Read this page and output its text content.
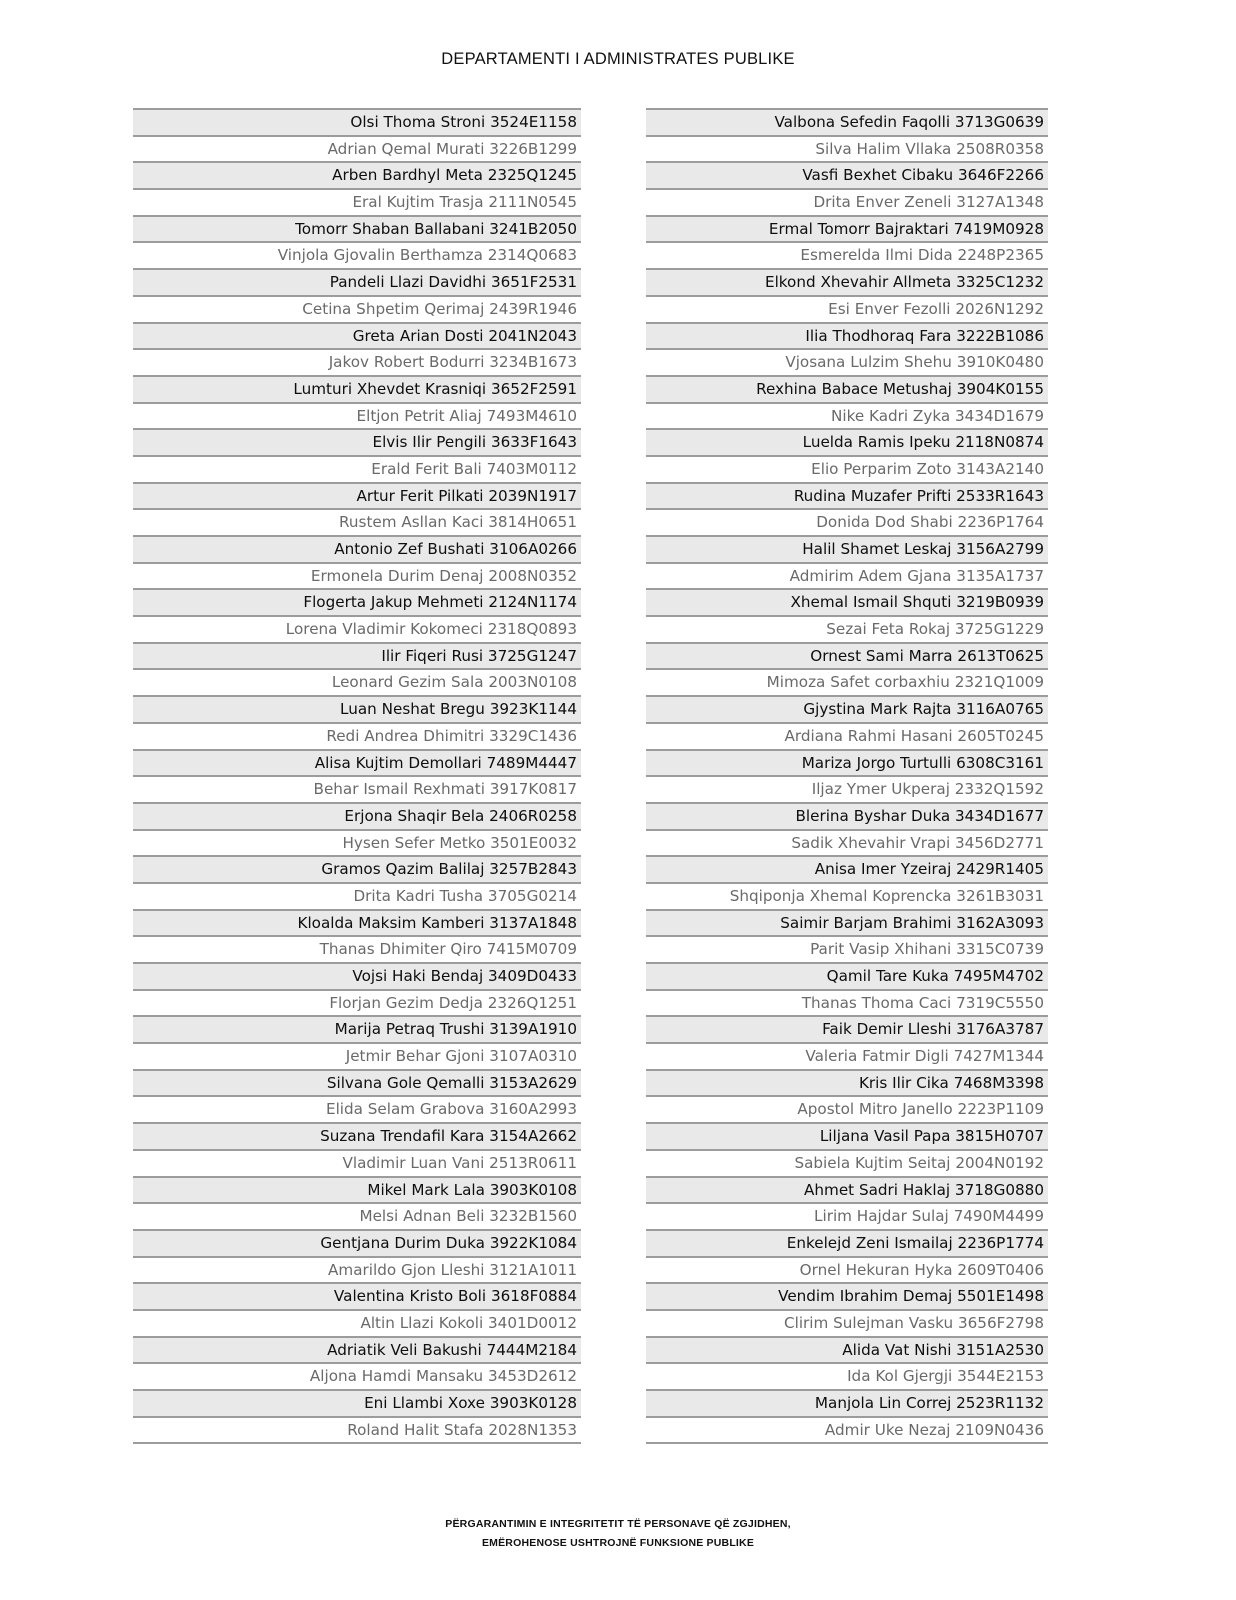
DEPARTAMENTI I ADMINISTRATES PUBLIKE
Olsi Thoma Stroni 3524E1158
Adrian Qemal Murati 3226B1299
Arben Bardhyl Meta 2325Q1245
Eral Kujtim Trasja 2111N0545
Tomorr Shaban Ballabani 3241B2050
Vinjola Gjovalin Berthamza 2314Q0683
Pandeli Llazi Davidhi 3651F2531
Cetina Shpetim Qerimaj 2439R1946
Greta Arian Dosti 2041N2043
Jakov Robert Bodurri 3234B1673
Lumturi Xhevdet Krasniqi 3652F2591
Eltjon Petrit Aliaj 7493M4610
Elvis Ilir Pengili 3633F1643
Erald Ferit Bali 7403M0112
Artur Ferit Pilkati 2039N1917
Rustem Asllan Kaci 3814H0651
Antonio Zef Bushati 3106A0266
Ermonela Durim Denaj 2008N0352
Flogerta Jakup Mehmeti 2124N1174
Lorena Vladimir Kokomeci 2318Q0893
Ilir Fiqeri Rusi 3725G1247
Leonard Gezim Sala 2003N0108
Luan Neshat Bregu 3923K1144
Redi Andrea Dhimitri 3329C1436
Alisa Kujtim Demollari 7489M4447
Behar Ismail Rexhmati 3917K0817
Erjona Shaqir Bela 2406R0258
Hysen Sefer Metko 3501E0032
Gramos Qazim Balilaj 3257B2843
Drita Kadri Tusha 3705G0214
Kloalda Maksim Kamberi 3137A1848
Thanas Dhimiter Qiro 7415M0709
Vojsi Haki Bendaj 3409D0433
Florjan Gezim Dedja 2326Q1251
Marija Petraq Trushi 3139A1910
Jetmir Behar Gjoni 3107A0310
Silvana Gole Qemalli 3153A2629
Elida Selam Grabova 3160A2993
Suzana Trendafil Kara 3154A2662
Vladimir Luan Vani 2513R0611
Mikel Mark Lala 3903K0108
Melsi Adnan Beli 3232B1560
Gentjana Durim Duka 3922K1084
Amarildo Gjon Lleshi 3121A1011
Valentina Kristo Boli 3618F0884
Altin Llazi Kokoli 3401D0012
Adriatik Veli Bakushi 7444M2184
Aljona Hamdi Mansaku 3453D2612
Eni Llambi Xoxe 3903K0128
Roland Halit Stafa 2028N1353
Valbona Sefedin Faqolli 3713G0639
Silva Halim Vllaka 2508R0358
Vasfi Bexhet Cibaku 3646F2266
Drita Enver Zeneli 3127A1348
Ermal Tomorr Bajraktari 7419M0928
Esmerelda Ilmi Dida 2248P2365
Elkond Xhevahir Allmeta 3325C1232
Esi Enver Fezolli 2026N1292
Ilia Thodhoraq Fara 3222B1086
Vjosana Lulzim Shehu 3910K0480
Rexhina Babace Metushaj 3904K0155
Nike Kadri Zyka 3434D1679
Luelda Ramis Ipeku 2118N0874
Elio Perparim Zoto 3143A2140
Rudina Muzafer Prifti 2533R1643
Donida Dod Shabi 2236P1764
Halil Shamet Leskaj 3156A2799
Admirim Adem Gjana 3135A1737
Xhemal Ismail Shquti 3219B0939
Sezai Feta Rokaj 3725G1229
Ornest Sami Marra 2613T0625
Mimoza Safet corbaxhiu 2321Q1009
Gjystina Mark Rajta 3116A0765
Ardiana Rahmi Hasani 2605T0245
Mariza Jorgo Turtulli 6308C3161
Iljaz Ymer Ukperaj 2332Q1592
Blerina Byshar Duka 3434D1677
Sadik Xhevahir Vrapi 3456D2771
Anisa Imer Yzeiraj 2429R1405
Shqiponja Xhemal Koprencka 3261B3031
Saimir Barjam Brahimi 3162A3093
Parit Vasip Xhihani 3315C0739
Qamil Tare Kuka 7495M4702
Thanas Thoma Caci 7319C5550
Faik Demir Lleshi 3176A3787
Valeria Fatmir Digli 7427M1344
Kris Ilir Cika 7468M3398
Apostol Mitro Janello 2223P1109
Liljana Vasil Papa 3815H0707
Sabiela Kujtim Seitaj 2004N0192
Ahmet Sadri Haklaj 3718G0880
Lirim Hajdar Sulaj 7490M4499
Enkelejd Zeni Ismailaj 2236P1774
Ornel Hekuran Hyka 2609T0406
Vendim Ibrahim Demaj 5501E1498
Clirim Sulejman Vasku 3656F2798
Alida Vat Nishi 3151A2530
Ida Kol Gjergji 3544E2153
Manjola Lin Correj 2523R1132
Admir Uke Nezaj 2109N0436
PËRGARANTIMIN E INTEGRITETIT TË PERSONAVE QË ZGJIDHEN,
EMËROHENOSE USHTROJNË FUNKSIONE PUBLIKE
